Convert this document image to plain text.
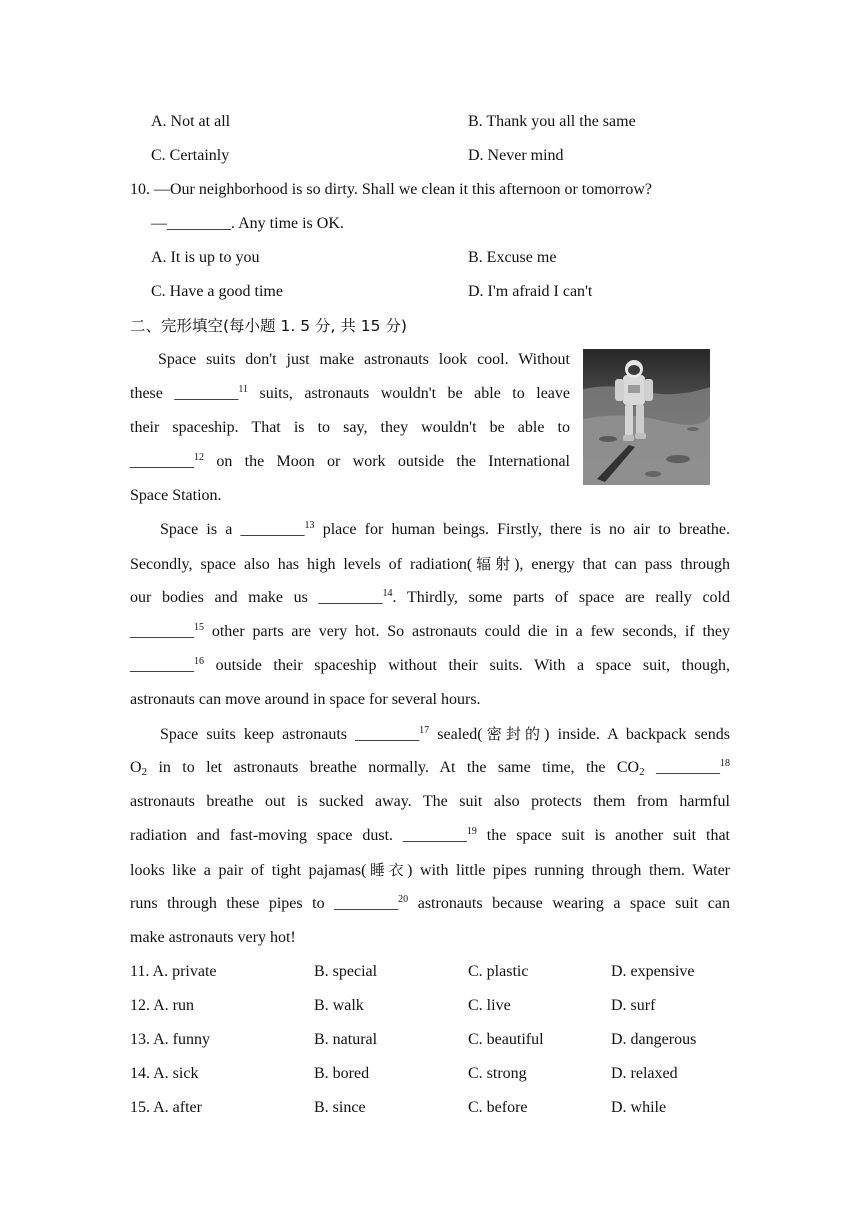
A. Not at all	B. Thank you all the same
C. Certainly	D. Never mind
10. —Our neighborhood is so dirty. Shall we clean it this afternoon or tomorrow?
—________. Any time is OK.
A. It is up to you	B. Excuse me
C. Have a good time	D. I'm afraid I can't
二、完形填空(每小题 1. 5 分, 共 15 分)
Space suits don't just make astronauts look cool. Without
these ________$^{11}$ suits, astronauts wouldn't be able to leave
their spaceship. That is to say, they wouldn't be able to
________$^{12}$ on the Moon or work outside the International
Space Station.
Space is a ________$^{13}$ place for human beings. Firstly, there is no air to breathe.
Secondly, space also has high levels of radiation(辐射), energy that can pass through
our bodies and make us ________$^{14}$. Thirdly, some parts of space are really cold
________$^{15}$ other parts are very hot. So astronauts could die in a few seconds, if they
________$^{16}$ outside their spaceship without their suits. With a space suit, though,
astronauts can move around in space for several hours.
Space suits keep astronauts ________$^{17}$ sealed(密封的) inside. A backpack sends
$O_2$ in to let astronauts breathe normally. At the same time, the $CO_2$ ________$^{18}$
astronauts breathe out is sucked away. The suit also protects them from harmful
radiation and fast-moving space dust. ________$^{19}$ the space suit is another suit that
looks like a pair of tight pajamas(睡衣) with little pipes running through them. Water
runs through these pipes to ________$^{20}$ astronauts because wearing a space suit can
make astronauts very hot!
11. A. private	B. special	C. plastic	D. expensive
12. A. run	B. walk	C. live	D. surf
13. A. funny	B. natural	C. beautiful	D. dangerous
14. A. sick	B. bored	C. strong	D. relaxed
15. A. after	B. since	C. before	D. while
